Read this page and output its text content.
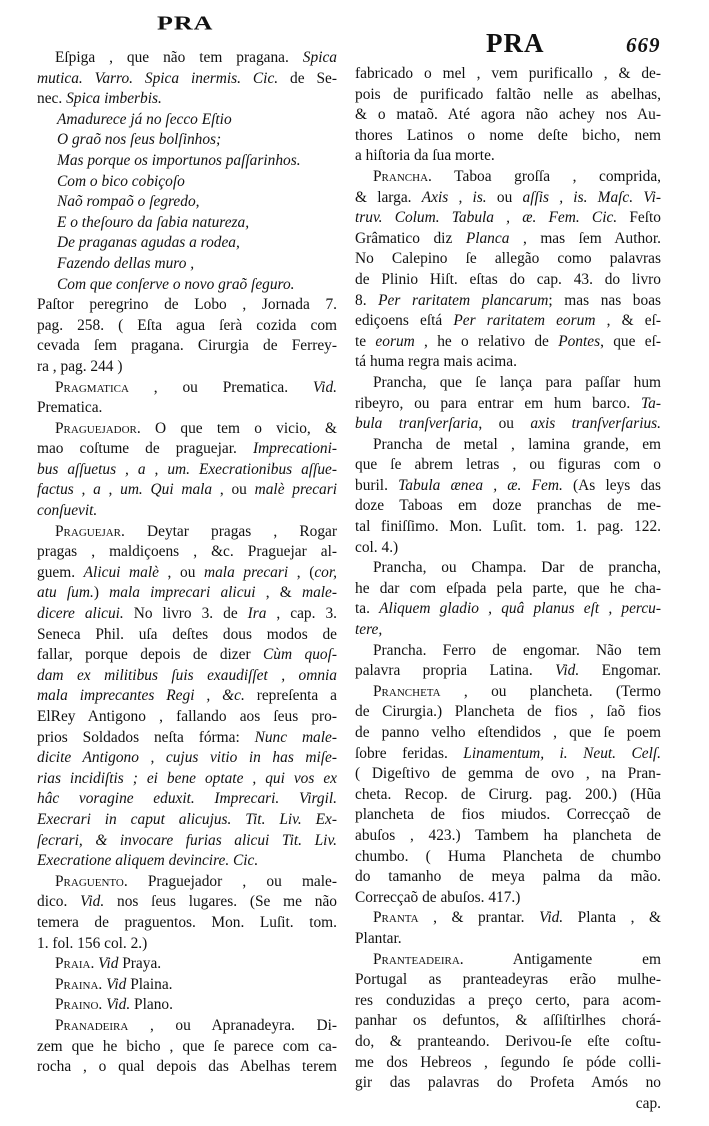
PRA
PRA	669
Eſpiga , que não tem pragana. Spica
mutica. Varro. Spica inermis. Cic. de Se-
nec. Spica imberbis.
Amadurece já no ſecco Eſtio
O graõ nos ſeus bolſinhos;
Mas porque os importunos paſſarinhos.
Com o bico cobiçoſo
Naõ rompaõ o ſegredo,
E o theſouro da ſabia natureza,
De praganas agudas a rodea,
Fazendo dellas muro ,
Com que conſerve o novo graõ ſeguro.
Paſtor peregrino de Lobo , Jornada 7.
pag. 258. ( Eſta agua ſerà cozida com
cevada ſem pragana. Cirurgia de Ferrey-
ra , pag. 244 )
Pragmatica , ou Prematica. Vid.
Prematica.
Praguejador. O que tem o vicio, &
mao coſtume de praguejar. Imprecationi-
bus aſſuetus , a , um. Execrationibus aſſue-
factus , a , um. Qui mala , ou malè precari
conſuevit.
Praguejar. Deytar pragas , Rogar
pragas , maldiçoens , &c. Praguejar al-
guem. Alicui malè , ou mala precari , (cor,
atu ſum.) mala imprecari alicui , & male-
dicere alicui. No livro 3. de Ira , cap. 3.
Seneca Phil. uſa deſtes dous modos de
fallar, porque depois de dizer Cùm quoſ-
dam ex militibus ſuis exaudiſſet , omnia
mala imprecantes Regi , &c. repreſenta a
ElRey Antigono , fallando aos ſeus pro-
prios Soldados neſta fórma: Nunc male-
dicite Antigono , cujus vitio in has miſe-
rias incidiſtis ; ei bene optate , qui vos ex
hâc voragine eduxit. Imprecari. Virgil.
Execrari in caput alicujus. Tit. Liv. Ex-
ſecrari, & invocare furias alicui Tit. Liv.
Execratione aliquem devincire. Cic.
Praguento. Praguejador , ou male-
dico. Vid. nos ſeus lugares. (Se me não
temera de praguentos. Mon. Luſit. tom.
1. fol. 156 col. 2.)
Praia. Vid Praya.
Praina. Vid Plaina.
Praino. Vid. Plano.
Pranadeira , ou Apranadeyra. Di-
zem que he bicho , que ſe parece com ca-
rocha , o qual depois das Abelhas terem
fabricado o mel , vem purificallo , & de-
pois de purificado faltão nelle as abelhas,
& o mataõ. Até agora não achey nos Au-
thores Latinos o nome deſte bicho, nem
a hiſtoria da ſua morte.
Prancha. Taboa groſſa , comprida,
& larga. Axis , is. ou aſſis , is. Maſc. Vi-
truv. Colum. Tabula , æ. Fem. Cic. Feſto
Grâmatico diz Planca , mas ſem Author.
No Calepino ſe allegão como palavras
de Plinio Hiſt. eſtas do cap. 43. do livro
8. Per raritatem plancarum; mas nas boas
ediçoens eſtá Per raritatem eorum , & eſ-
te eorum , he o relativo de Pontes, que eſ-
tá huma regra mais acima.
Prancha, que ſe lança para paſſar hum
ribeyro, ou para entrar em hum barco. Ta-
bula tranſverſaria, ou axis tranſverſarius.
Prancha de metal , lamina grande, em
que ſe abrem letras , ou figuras com o
buril. Tabula ænea , æ. Fem. (As leys das
doze Taboas em doze pranchas de me-
tal finiſſimo. Mon. Luſit. tom. 1. pag. 122.
col. 4.)
Prancha, ou Champa. Dar de prancha,
he dar com eſpada pela parte, que he cha-
ta. Aliquem gladio , quâ planus eſt , percu-
tere,
Prancha. Ferro de engomar. Não tem
palavra propria Latina. Vid. Engomar.
Prancheta , ou plancheta. (Termo
de Cirurgia.) Plancheta de fios , ſaõ fios
de panno velho eſtendidos , que ſe poem
ſobre feridas. Linamentum, i. Neut. Celſ.
( Digeſtivo de gemma de ovo , na Pran-
cheta. Recop. de Cirurg. pag. 200.) (Hũa
plancheta de fios miudos. Correcçaõ de
abuſos , 423.) Tambem ha plancheta de
chumbo. ( Huma Plancheta de chumbo
do tamanho de meya palma da mão.
Correcçaõ de abuſos. 417.)
Pranta , & prantar. Vid. Planta , &
Plantar.
Pranteadeira. Antigamente em
Portugal as pranteadeyras erão mulhe-
res conduzidas a preço certo, para acom-
panhar os defuntos, & aſſiſtirlhes chorá-
do, & pranteando. Derivou-ſe eſte coſtu-
me dos Hebreos , ſegundo ſe póde colli-
gir das palavras do Profeta Amós no
cap.
